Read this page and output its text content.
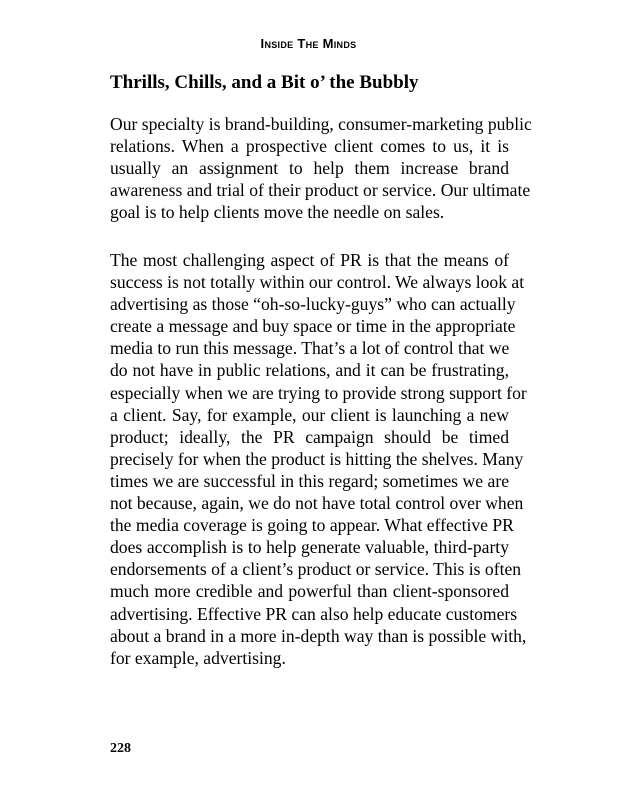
Inside The Minds
Thrills, Chills, and a Bit o’ the Bubbly
Our specialty is brand-building, consumer-marketing public
relations. When a prospective client comes to us, it is
usually an assignment to help them increase brand
awareness and trial of their product or service. Our ultimate
goal is to help clients move the needle on sales.
The most challenging aspect of PR is that the means of
success is not totally within our control. We always look at
advertising as those “oh-so-lucky-guys” who can actually
create a message and buy space or time in the appropriate
media to run this message. That’s a lot of control that we
do not have in public relations, and it can be frustrating,
especially when we are trying to provide strong support for
a client. Say, for example, our client is launching a new
product; ideally, the PR campaign should be timed
precisely for when the product is hitting the shelves. Many
times we are successful in this regard; sometimes we are
not because, again, we do not have total control over when
the media coverage is going to appear. What effective PR
does accomplish is to help generate valuable, third-party
endorsements of a client’s product or service. This is often
much more credible and powerful than client-sponsored
advertising. Effective PR can also help educate customers
about a brand in a more in-depth way than is possible with,
for example, advertising.
228
